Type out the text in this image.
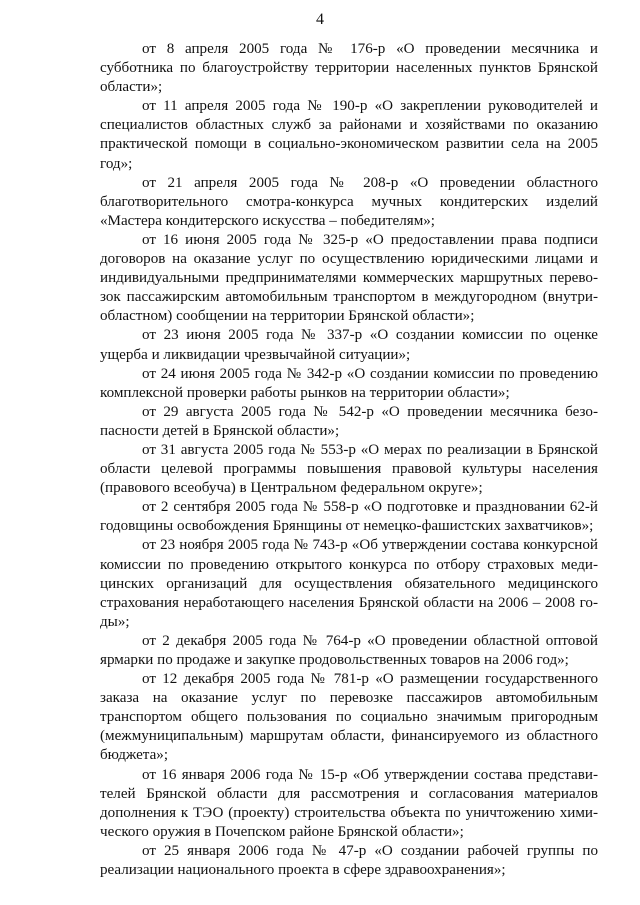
4

от 8 апреля 2005 года № 176-р «О проведении месячника и субботника по благоустройству территории населенных пунктов Брянской области»;

от 11 апреля 2005 года № 190-р «О закреплении руководителей и специалистов областных служб за районами и хозяйствами по оказанию практической помощи в социально-экономическом развитии села на 2005 год»;

от 21 апреля 2005 года № 208-р «О проведении областного благотворительного смотра-конкурса мучных кондитерских изделий «Мастера кондитерского искусства – победителям»;

от 16 июня 2005 года № 325-р «О предоставлении права подписи договоров на оказание услуг по осуществлению юридическими лицами и индивидуальными предпринимателями коммерческих маршрутных перевозок пассажирским автомобильным транспортом в междугородном (внутриобластном) сообщении на территории Брянской области»;

от 23 июня 2005 года № 337-р «О создании комиссии по оценке ущерба и ликвидации чрезвычайной ситуации»;

от 24 июня 2005 года № 342-р «О создании комиссии по проведению комплексной проверки работы рынков на территории области»;

от 29 августа 2005 года № 542-р «О проведении месячника безопасности детей в Брянской области»;

от 31 августа 2005 года № 553-р «О мерах по реализации в Брянской области целевой программы повышения правовой культуры населения (правового всеобуча) в Центральном федеральном округе»;

от 2 сентября 2005 года № 558-р «О подготовке и праздновании 62-й годовщины освобождения Брянщины от немецко-фашистских захватчиков»;

от 23 ноября 2005 года № 743-р «Об утверждении состава конкурсной комиссии по проведению открытого конкурса по отбору страховых медицинских организаций для осуществления обязательного медицинского страхования неработающего населения Брянской области на 2006 – 2008 годы»;

от 2 декабря 2005 года № 764-р «О проведении областной оптовой ярмарки по продаже и закупке продовольственных товаров на 2006 год»;

от 12 декабря 2005 года № 781-р «О размещении государственного заказа на оказание услуг по перевозке пассажиров автомобильным транспортом общего пользования по социально значимым пригородным (межмуниципальным) маршрутам области, финансируемого из областного бюджета»;

от 16 января 2006 года № 15-р «Об утверждении состава представителей Брянской области для рассмотрения и согласования материалов дополнения к ТЭО (проекту) строительства объекта по уничтожению химического оружия в Почепском районе Брянской области»;

от 25 января 2006 года № 47-р «О создании рабочей группы по реализации национального проекта в сфере здравоохранения»;
